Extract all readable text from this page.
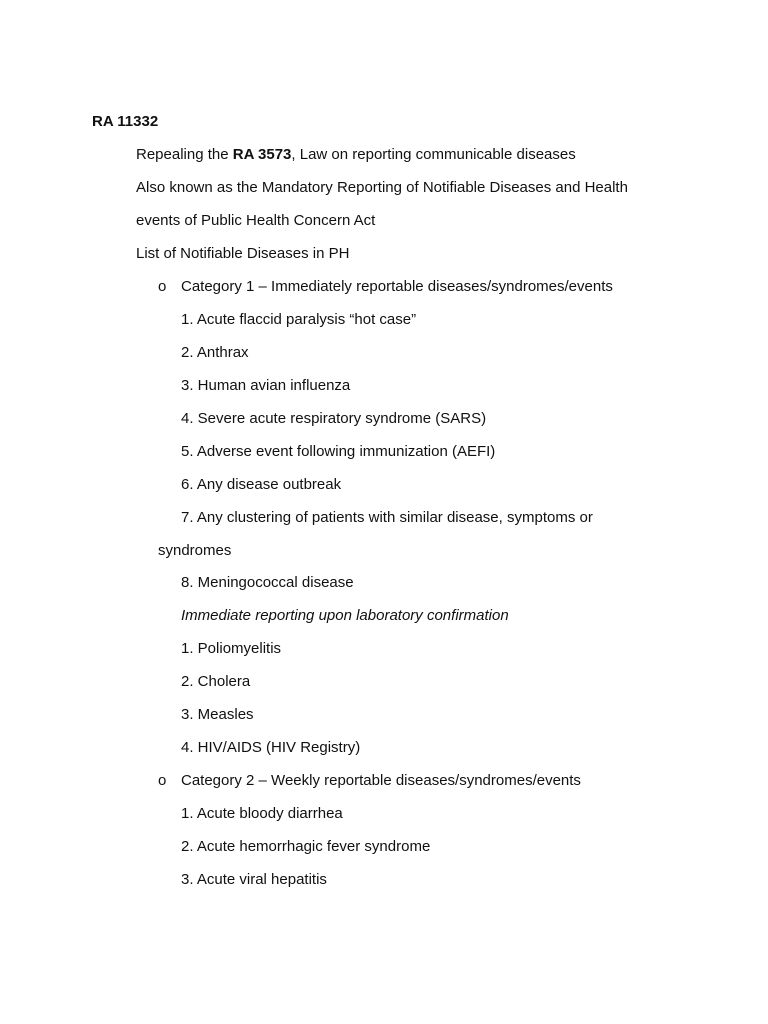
RA 11332
Repealing the RA 3573, Law on reporting communicable diseases
Also known as the Mandatory Reporting of Notifiable Diseases and Health
events of Public Health Concern Act
List of Notifiable Diseases in PH
o Category 1 – Immediately reportable diseases/syndromes/events
1. Acute flaccid paralysis “hot case”
2. Anthrax
3. Human avian influenza
4. Severe acute respiratory syndrome (SARS)
5. Adverse event following immunization (AEFI)
6. Any disease outbreak
7. Any clustering of patients with similar disease, symptoms or
syndromes
8. Meningococcal disease
Immediate reporting upon laboratory confirmation
1. Poliomyelitis
2. Cholera
3. Measles
4. HIV/AIDS (HIV Registry)
o Category 2 – Weekly reportable diseases/syndromes/events
1. Acute bloody diarrhea
2. Acute hemorrhagic fever syndrome
3. Acute viral hepatitis
